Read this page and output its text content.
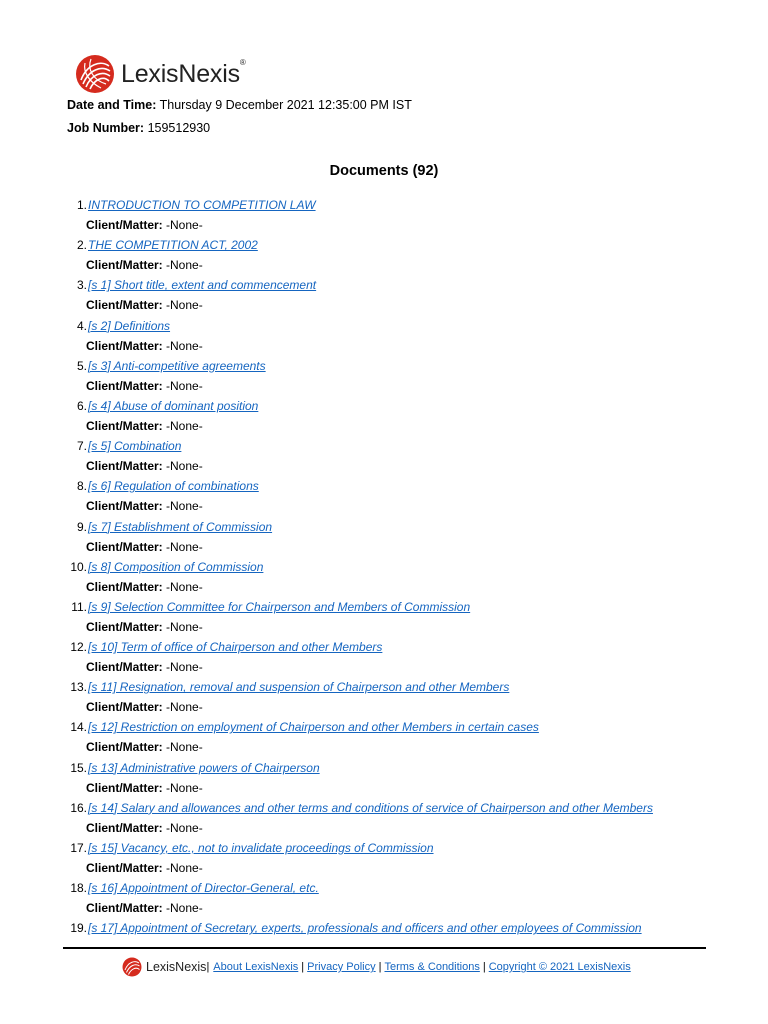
LexisNexis®
Date and Time: Thursday 9 December 2021 12:35:00 PM IST
Job Number: 159512930
Documents (92)
1. INTRODUCTION TO COMPETITION LAW
Client/Matter: -None-
2. THE COMPETITION ACT, 2002
Client/Matter: -None-
3. [s 1] Short title, extent and commencement
Client/Matter: -None-
4. [s 2] Definitions
Client/Matter: -None-
5. [s 3] Anti-competitive agreements
Client/Matter: -None-
6. [s 4] Abuse of dominant position
Client/Matter: -None-
7. [s 5] Combination
Client/Matter: -None-
8. [s 6] Regulation of combinations
Client/Matter: -None-
9. [s 7] Establishment of Commission
Client/Matter: -None-
10. [s 8] Composition of Commission
Client/Matter: -None-
11. [s 9] Selection Committee for Chairperson and Members of Commission
Client/Matter: -None-
12. [s 10] Term of office of Chairperson and other Members
Client/Matter: -None-
13. [s 11] Resignation, removal and suspension of Chairperson and other Members
Client/Matter: -None-
14. [s 12] Restriction on employment of Chairperson and other Members in certain cases
Client/Matter: -None-
15. [s 13] Administrative powers of Chairperson
Client/Matter: -None-
16. [s 14] Salary and allowances and other terms and conditions of service of Chairperson and other Members
Client/Matter: -None-
17. [s 15] Vacancy, etc., not to invalidate proceedings of Commission
Client/Matter: -None-
18. [s 16] Appointment of Director-General, etc.
Client/Matter: -None-
19. [s 17] Appointment of Secretary, experts, professionals and officers and other employees of Commission
LexisNexis | About LexisNexis | Privacy Policy | Terms & Conditions | Copyright © 2021 LexisNexis
